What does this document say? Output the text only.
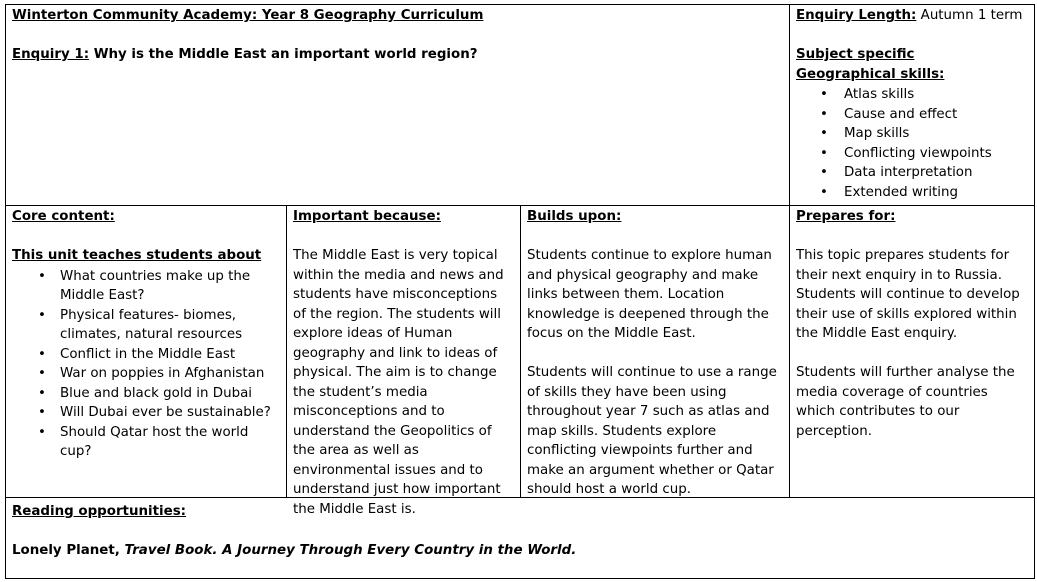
Winterton Community Academy: Year 8 Geography Curriculum
Enquiry 1: Why is the Middle East an important world region?
Enquiry Length: Autumn 1 term
Subject specific Geographical skills:
• Atlas skills
• Cause and effect
• Map skills
• Conflicting viewpoints
• Data interpretation
• Extended writing
Core content:
This unit teaches students about
• What countries make up the Middle East?
• Physical features- biomes, climates, natural resources
• Conflict in the Middle East
• War on poppies in Afghanistan
• Blue and black gold in Dubai
• Will Dubai ever be sustainable?
• Should Qatar host the world cup?
Important because:

The Middle East is very topical within the media and news and students have misconceptions of the region. The students will explore ideas of Human geography and link to ideas of physical. The aim is to change the student’s media misconceptions and to understand the Geopolitics of the area as well as environmental issues and to understand just how important the Middle East is.

Builds upon:

Students continue to explore human and physical geography and make links between them. Location knowledge is deepened through the focus on the Middle East.

Students will continue to use a range of skills they have been using throughout year 7 such as atlas and map skills. Students explore conflicting viewpoints further and make an argument whether or Qatar should host a world cup.

Prepares for:

This topic prepares students for their next enquiry in to Russia. Students will continue to develop their use of skills explored within the Middle East enquiry.

Students will further analyse the media coverage of countries which contributes to our perception.

Reading opportunities:
Lonely Planet, Travel Book. A Journey Through Every Country in the World.
